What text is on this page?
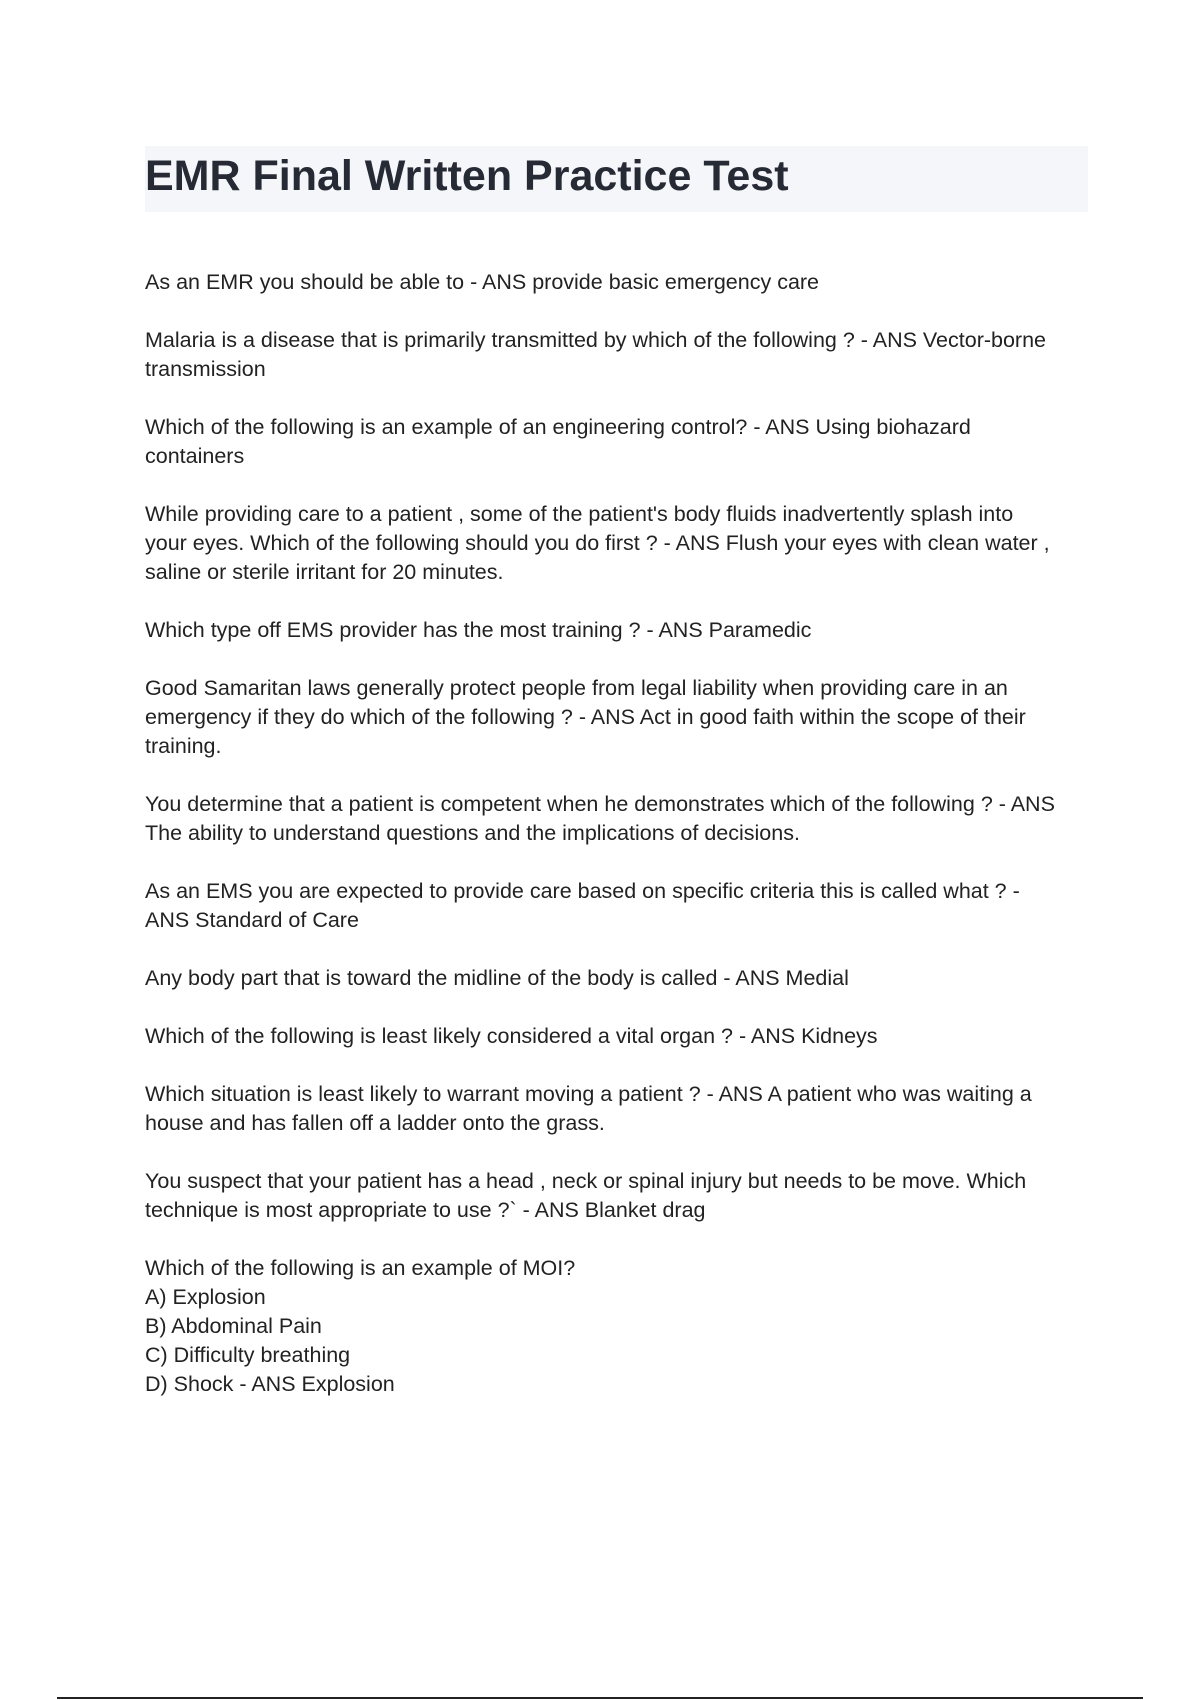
EMR Final Written Practice Test
As an EMR you should be able to - ANS provide basic emergency care
Malaria is a disease that is primarily transmitted by which of the following ? - ANS Vector-borne
transmission
Which of the following is an example of an engineering control? - ANS Using biohazard
containers
While providing care to a patient , some of the patient's body fluids inadvertently splash into
your eyes. Which of the following should you do first ? - ANS Flush your eyes with clean water ,
saline or sterile irritant for 20 minutes.
Which type off EMS provider has the most training ? - ANS Paramedic
Good Samaritan laws generally protect people from legal liability when providing care in an
emergency if they do which of the following ? - ANS Act in good faith within the scope of their
training.
You determine that a patient is competent when he demonstrates which of the following ? - ANS
The ability to understand questions and the implications of decisions.
As an EMS you are expected to provide care based on specific criteria this is called what ? -
ANS Standard of Care
Any body part that is toward the midline of the body is called - ANS Medial
Which of the following is least likely considered a vital organ ? - ANS Kidneys
Which situation is least likely to warrant moving a patient ? - ANS A patient who was waiting a
house and has fallen off a ladder onto the grass.
You suspect that your patient has a head , neck or spinal injury but needs to be move. Which
technique is most appropriate to use ?` - ANS Blanket drag
Which of the following is an example of MOI?
A) Explosion
B) Abdominal Pain
C) Difficulty breathing
D) Shock - ANS Explosion
